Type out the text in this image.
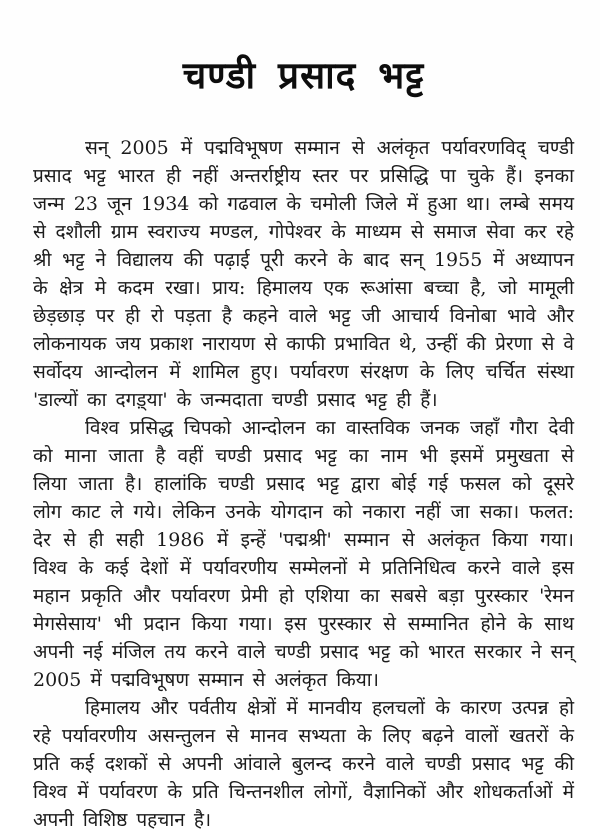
चण्डी प्रसाद भट्ट

सन् 2005 में पद्मविभूषण सम्मान से अलंकृत पर्यावरणविद् चण्डी प्रसाद भट्ट भारत ही नहीं अन्तर्राष्ट्रीय स्तर पर प्रसिद्धि पा चुके हैं। इनका जन्म 23 जून 1934 को गढवाल के चमोली जिले में हुआ था। लम्बे समय से दशौली ग्राम स्वराज्य मण्डल, गोपेश्वर के माध्यम से समाज सेवा कर रहे श्री भट्ट ने विद्यालय की पढ़ाई पूरी करने के बाद सन् 1955 में अध्यापन के क्षेत्र मे कदम रखा। प्राय: हिमालय एक रूआंसा बच्चा है, जो मामूली छेड़छाड़ पर ही रो पड़ता है कहने वाले भट्ट जी आचार्य विनोबा भावे और लोकनायक जय प्रकाश नारायण से काफी प्रभावित थे, उन्हीं की प्रेरणा से वे सर्वोदय आन्दोलन में शामिल हुए। पर्यावरण संरक्षण के लिए चर्चित संस्था 'डाल्यों का दगड़्या' के जन्मदाता चण्डी प्रसाद भट्ट ही हैं।

विश्व प्रसिद्ध चिपको आन्दोलन का वास्तविक जनक जहाँ गौरा देवी को माना जाता है वहीं चण्डी प्रसाद भट्ट का नाम भी इसमें प्रमुखता से लिया जाता है। हालांकि चण्डी प्रसाद भट्ट द्वारा बोई गई फसल को दूसरे लोग काट ले गये। लेकिन उनके योगदान को नकारा नहीं जा सका। फलत: देर से ही सही 1986 में इन्हें 'पद्मश्री' सम्मान से अलंकृत किया गया। विश्व के कई देशों में पर्यावरणीय सम्मेलनों मे प्रतिनिधित्व करने वाले इस महान प्रकृति और पर्यावरण प्रेमी हो एशिया का सबसे बड़ा पुरस्कार 'रेमन मेगसेसाय' भी प्रदान किया गया। इस पुरस्कार से सम्मानित होने के साथ अपनी नई मंजिल तय करने वाले चण्डी प्रसाद भट्ट को भारत सरकार ने सन् 2005 में पद्मविभूषण सम्मान से अलंकृत किया।

हिमालय और पर्वतीय क्षेत्रों में मानवीय हलचलों के कारण उत्पन्न हो रहे पर्यावरणीय असन्तुलन से मानव सभ्यता के लिए बढ़ने वालों खतरों के प्रति कई दशकों से अपनी आंवाले बुलन्द करने वाले चण्डी प्रसाद भट्ट की विश्व में पर्यावरण के प्रति चिन्तनशील लोगों, वैज्ञानिकों और शोधकर्ताओं में अपनी विशिष्ठ पहचान है।
